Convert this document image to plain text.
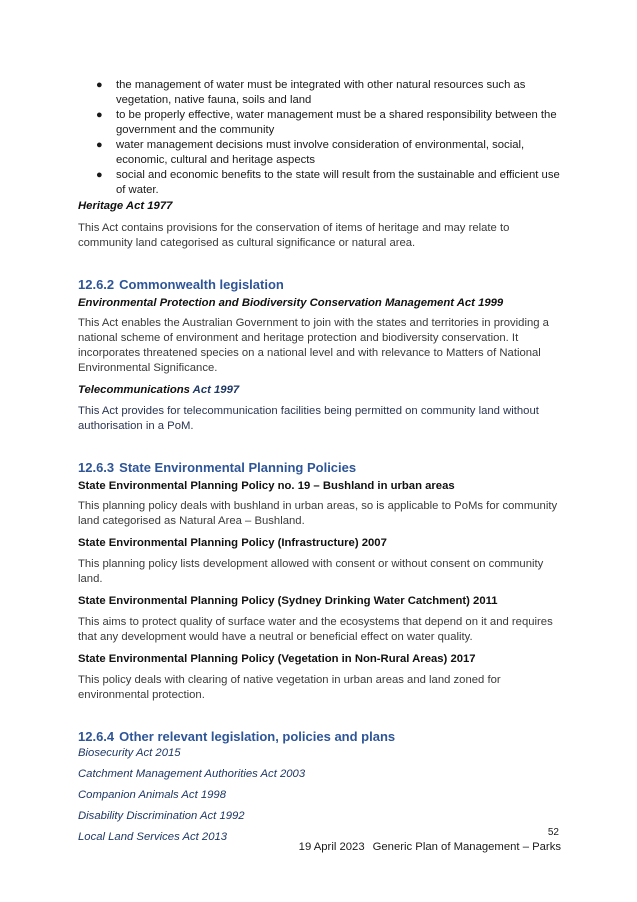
● the management of water must be integrated with other natural resources such as vegetation, native fauna, soils and land
● to be properly effective, water management must be a shared responsibility between the government and the community
● water management decisions must involve consideration of environmental, social, economic, cultural and heritage aspects
● social and economic benefits to the state will result from the sustainable and efficient use of water.

Heritage Act 1977

This Act contains provisions for the conservation of items of heritage and may relate to community land categorised as cultural significance or natural area.

12.6.2 Commonwealth legislation

Environmental Protection and Biodiversity Conservation Management Act 1999

This Act enables the Australian Government to join with the states and territories in providing a national scheme of environment and heritage protection and biodiversity conservation. It incorporates threatened species on a national level and with relevance to Matters of National Environmental Significance.

Telecommunications Act 1997

This Act provides for telecommunication facilities being permitted on community land without authorisation in a PoM.

12.6.3 State Environmental Planning Policies

State Environmental Planning Policy no. 19 – Bushland in urban areas

This planning policy deals with bushland in urban areas, so is applicable to PoMs for community land categorised as Natural Area – Bushland.

State Environmental Planning Policy (Infrastructure) 2007

This planning policy lists development allowed with consent or without consent on community land.

State Environmental Planning Policy (Sydney Drinking Water Catchment) 2011

This aims to protect quality of surface water and the ecosystems that depend on it and requires that any development would have a neutral or beneficial effect on water quality.

State Environmental Planning Policy (Vegetation in Non-Rural Areas) 2017

This policy deals with clearing of native vegetation in urban areas and land zoned for environmental protection.

12.6.4 Other relevant legislation, policies and plans

Biosecurity Act 2015

Catchment Management Authorities Act 2003

Companion Animals Act 1998

Disability Discrimination Act 1992

Local Land Services Act 2013	52
19 April 2023 Generic Plan of Management – Parks
